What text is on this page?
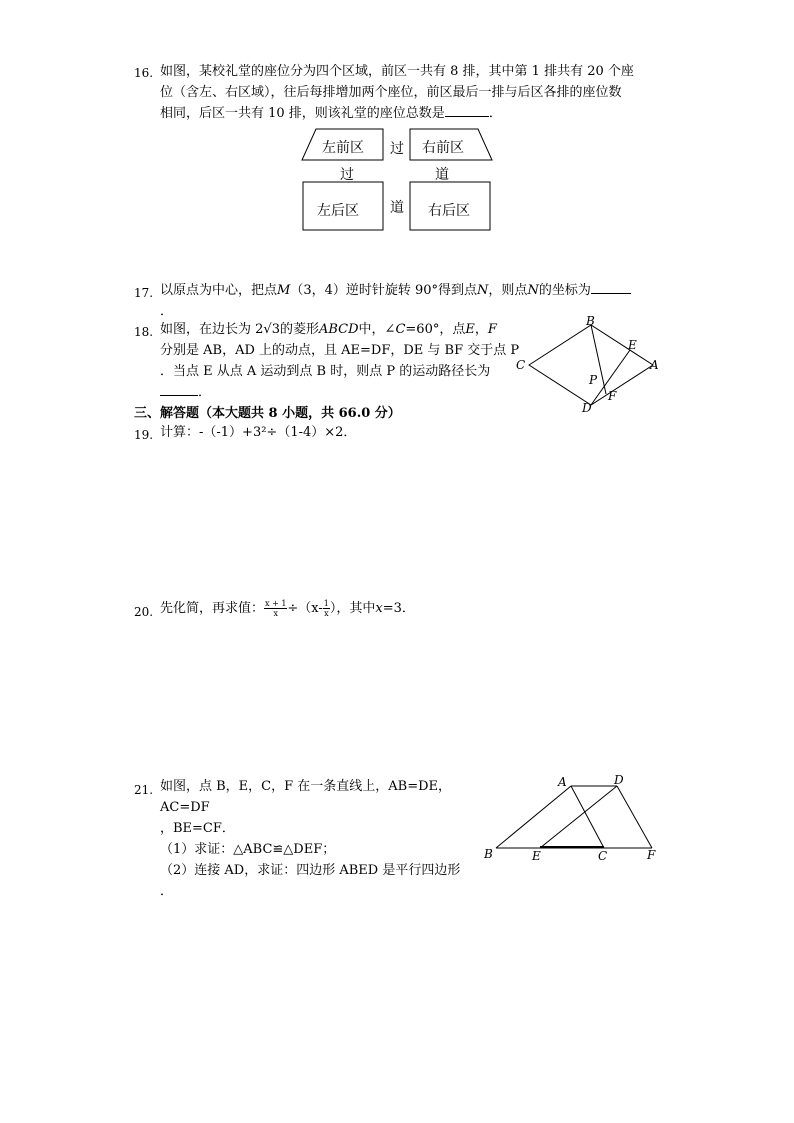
16. 如图，某校礼堂的座位分为四个区域，前区一共有 8 排，其中第 1 排共有 20 个座
位（含左、右区域），往后每排增加两个座位，前区最后一排与后区各排的座位数
相同，后区一共有 10 排，则该礼堂的座位总数是	．
左前区	右前区
左后区	右后区
过
过	道
道
17. 以原点为中心，把点M（3，4）逆时针旋转 90°得到点N，则点N的坐标为
．
18. 如图，在边长为 2√3的菱形ABCD中，∠C=60°，点E，F
分别是 AB，AD 上的动点，且 AE=DF，DE 与 BF 交于点 P
．当点 E 从点 A 运动到点 B 时，则点 P 的运动路径长为
．
B
C
E
A
P
F
D
三、解答题（本大题共 8 小题，共 66.0 分）
19. 计算：-（-1）+3²÷（1-4）×2．
20. 先化简，再求值： $\frac{x + 1}{x} \div(x- \frac{1}{x}$ ），其中x=3．
21. 如图，点 B，E，C，F 在一条直线上，AB=DE，AC=DF
，BE=CF．
（1）求证：△ABC≌△DEF；
（2）连接 AD，求证：四边形 ABED 是平行四边形
．
A	D
B	E	C	F
